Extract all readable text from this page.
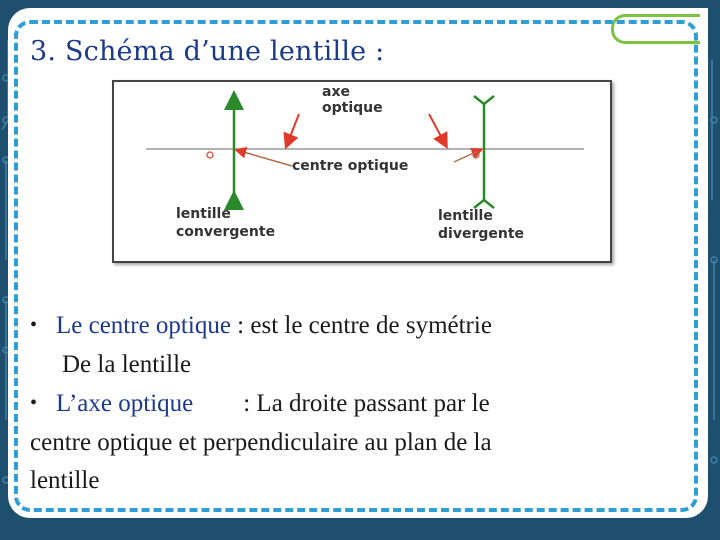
3. Schéma d’une lentille :
axe
optique
centre optique
lentille
convergente
lentille
divergente
• Le centre optique : est le centre de symétrie
De la lentille
• L’axe optique : La droite passant par le
centre optique et perpendiculaire au plan de la
lentille
